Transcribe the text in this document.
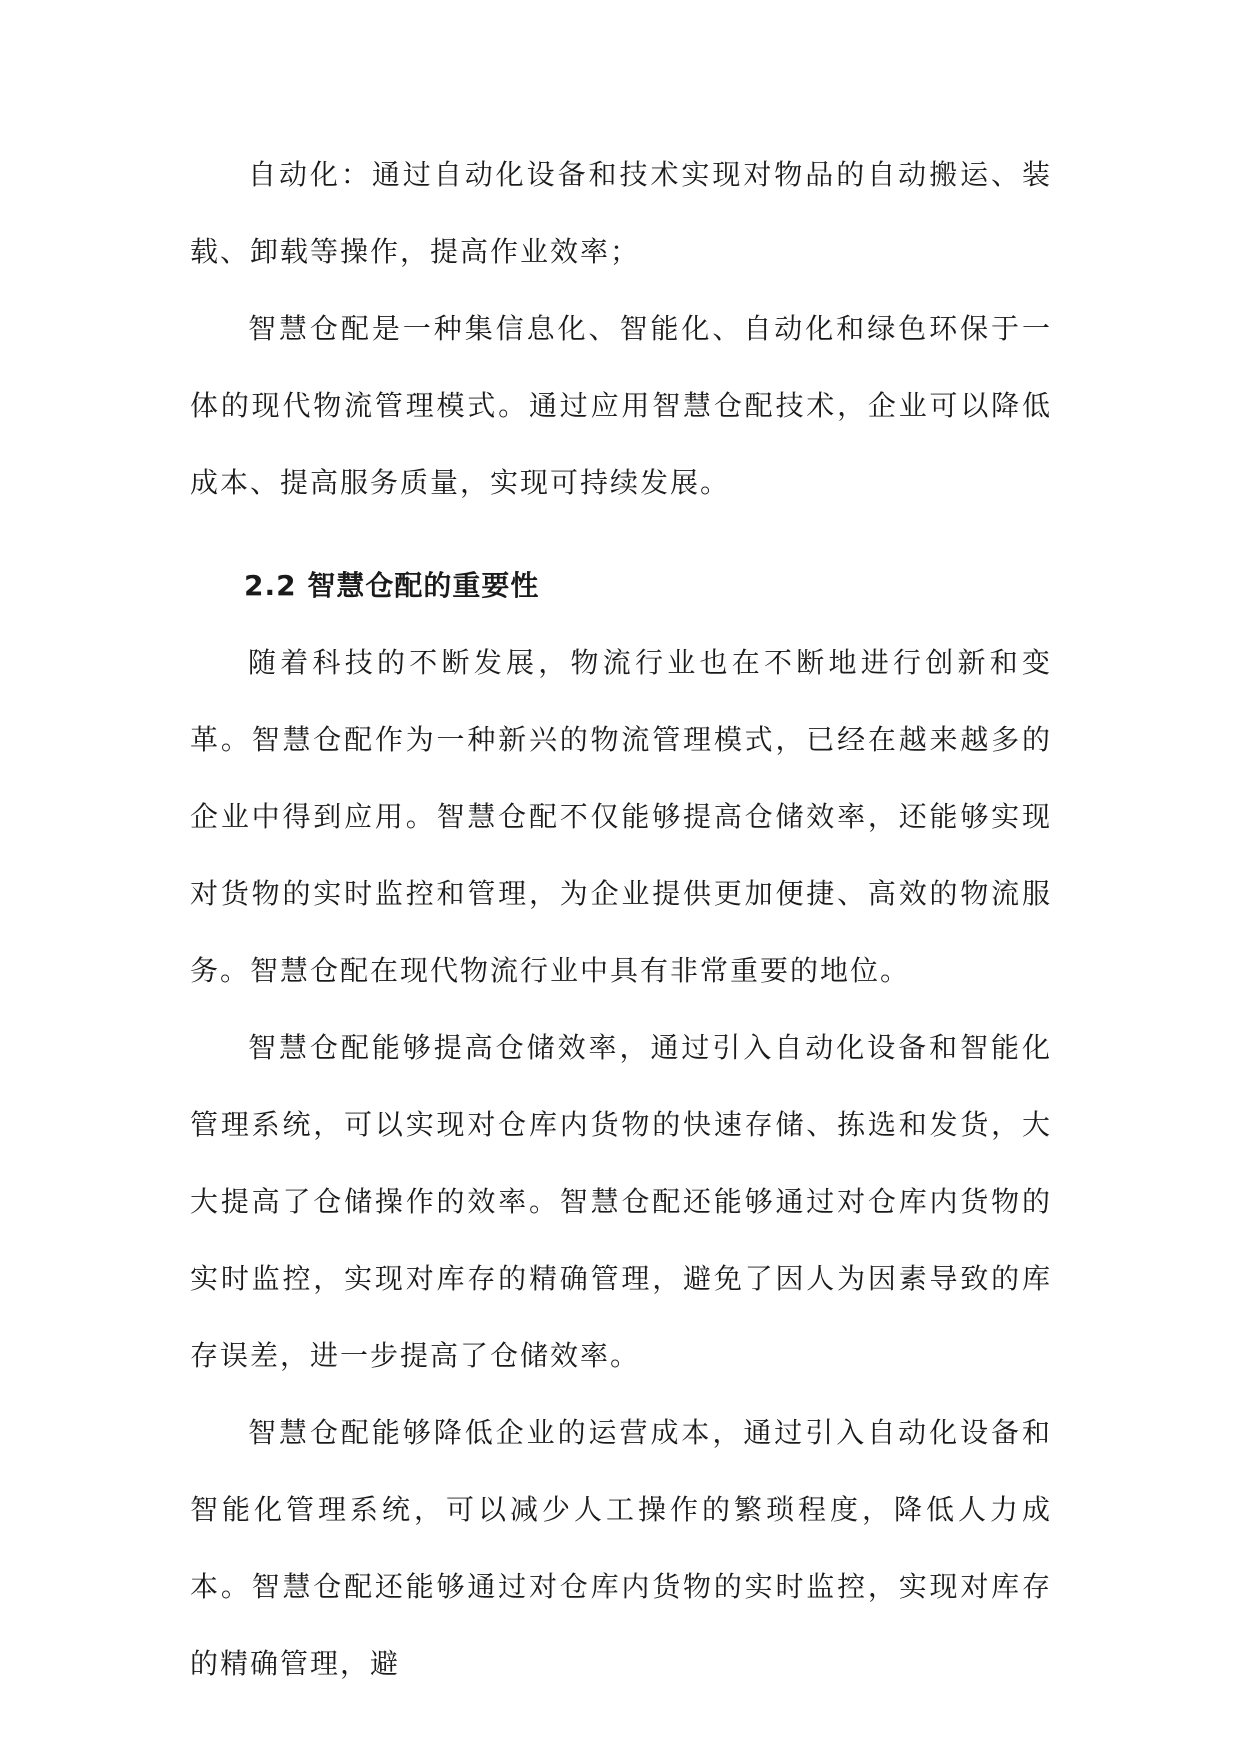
自动化：通过自动化设备和技术实现对物品的自动搬运、装载、卸载等操作，提高作业效率；

智慧仓配是一种集信息化、智能化、自动化和绿色环保于一体的现代物流管理模式。通过应用智慧仓配技术，企业可以降低成本、提高服务质量，实现可持续发展。

2.2 智慧仓配的重要性

随着科技的不断发展，物流行业也在不断地进行创新和变革。智慧仓配作为一种新兴的物流管理模式，已经在越来越多的企业中得到应用。智慧仓配不仅能够提高仓储效率，还能够实现对货物的实时监控和管理，为企业提供更加便捷、高效的物流服务。智慧仓配在现代物流行业中具有非常重要的地位。

智慧仓配能够提高仓储效率，通过引入自动化设备和智能化管理系统，可以实现对仓库内货物的快速存储、拣选和发货，大大提高了仓储操作的效率。智慧仓配还能够通过对仓库内货物的实时监控，实现对库存的精确管理，避免了因人为因素导致的库存误差，进一步提高了仓储效率。

智慧仓配能够降低企业的运营成本，通过引入自动化设备和智能化管理系统，可以减少人工操作的繁琐程度，降低人力成本。智慧仓配还能够通过对仓库内货物的实时监控，实现对库存的精确管理，避
